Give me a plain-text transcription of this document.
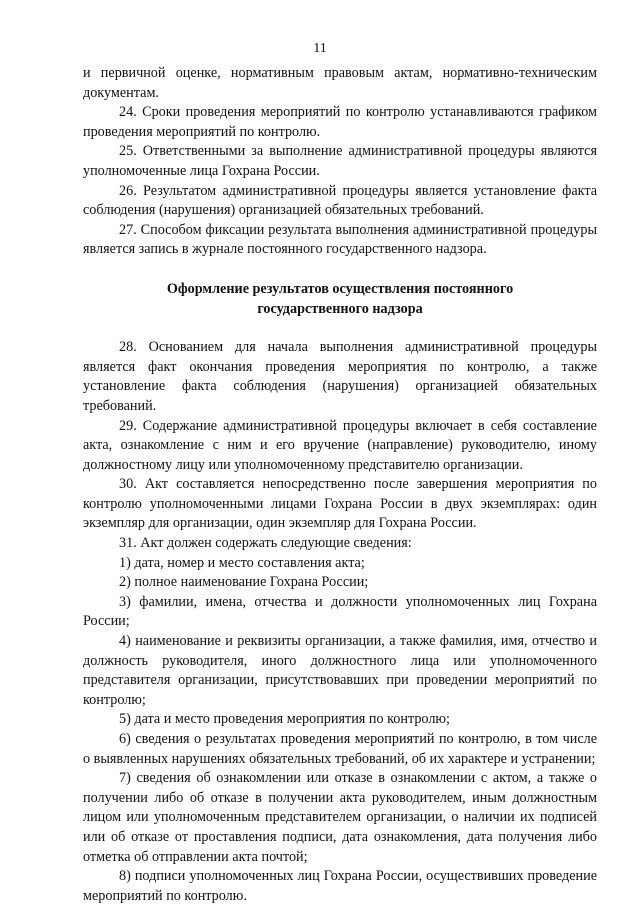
11

и первичной оценке, нормативным правовым актам, нормативно-техническим документам.

24. Сроки проведения мероприятий по контролю устанавливаются графиком проведения мероприятий по контролю.

25. Ответственными за выполнение административной процедуры являются уполномоченные лица Гохрана России.

26. Результатом административной процедуры является установление факта соблюдения (нарушения) организацией обязательных требований.

27. Способом фиксации результата выполнения административной процедуры является запись в журнале постоянного государственного надзора.

Оформление результатов осуществления постоянного
государственного надзора

28. Основанием для начала выполнения административной процедуры является факт окончания проведения мероприятия по контролю, а также установление факта соблюдения (нарушения) организацией обязательных требований.

29. Содержание административной процедуры включает в себя составление акта, ознакомление с ним и его вручение (направление) руководителю, иному должностному лицу или уполномоченному представителю организации.

30. Акт составляется непосредственно после завершения мероприятия по контролю уполномоченными лицами Гохрана России в двух экземплярах: один экземпляр для организации, один экземпляр для Гохрана России.

31. Акт должен содержать следующие сведения:

1) дата, номер и место составления акта;

2) полное наименование Гохрана России;

3) фамилии, имена, отчества и должности уполномоченных лиц Гохрана России;

4) наименование и реквизиты организации, а также фамилия, имя, отчество и должность руководителя, иного должностного лица или уполномоченного представителя организации, присутствовавших при проведении мероприятий по контролю;

5) дата и место проведения мероприятия по контролю;

6) сведения о результатах проведения мероприятий по контролю, в том числе о выявленных нарушениях обязательных требований, об их характере и устранении;

7) сведения об ознакомлении или отказе в ознакомлении с актом, а также о получении либо об отказе в получении акта руководителем, иным должностным лицом или уполномоченным представителем организации, о наличии их подписей или об отказе от проставления подписи, дата ознакомления, дата получения либо отметка об отправлении акта почтой;

8) подписи уполномоченных лиц Гохрана России, осуществивших проведение мероприятий по контролю.
